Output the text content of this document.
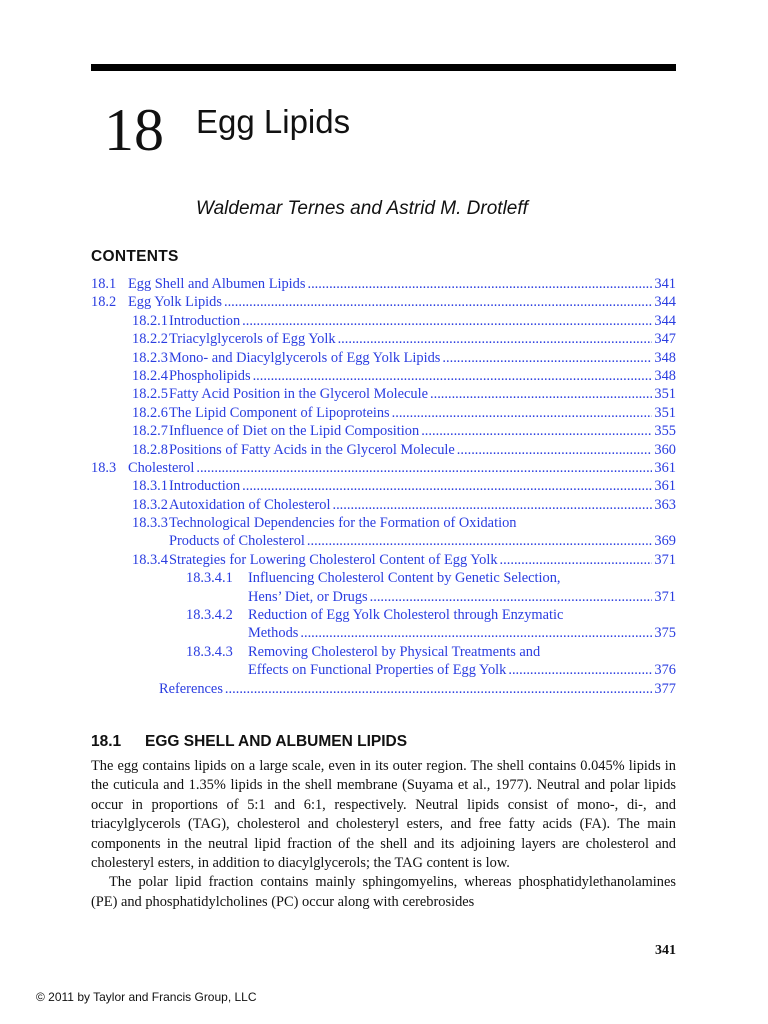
18 Egg Lipids
Waldemar Ternes and Astrid M. Drotleff
CONTENTS
18.1 Egg Shell and Albumen Lipids .....	341
18.2 Egg Yolk Lipids .....	344
18.2.1 Introduction .....	344
18.2.2 Triacylglycerols of Egg Yolk .....	347
18.2.3 Mono- and Diacylglycerols of Egg Yolk Lipids .....	348
18.2.4 Phospholipids .....	348
18.2.5 Fatty Acid Position in the Glycerol Molecule .....	351
18.2.6 The Lipid Component of Lipoproteins .....	351
18.2.7 Influence of Diet on the Lipid Composition .....	355
18.2.8 Positions of Fatty Acids in the Glycerol Molecule .....	360
18.3 Cholesterol .....	361
18.3.1 Introduction .....	361
18.3.2 Autoxidation of Cholesterol .....	363
18.3.3 Technological Dependencies for the Formation of Oxidation
Products of Cholesterol .....	369
18.3.4 Strategies for Lowering Cholesterol Content of Egg Yolk .....	371
18.3.4.1 Influencing Cholesterol Content by Genetic Selection,
Hens’ Diet, or Drugs .....	371
18.3.4.2 Reduction of Egg Yolk Cholesterol through Enzymatic
Methods .....	375
18.3.4.3 Removing Cholesterol by Physical Treatments and
Effects on Functional Properties of Egg Yolk .....	376
References .....	377
18.1 EGG SHELL AND ALBUMEN LIPIDS

The egg contains lipids on a large scale, even in its outer region. The shell contains 0.045% lipids in the cuticula and 1.35% lipids in the shell membrane (Suyama et al., 1977). Neutral and polar lipids occur in proportions of 5:1 and 6:1, respectively. Neutral lipids consist of mono-, di-, and triacylglycerols (TAG), cholesterol and cholesteryl esters, and free fatty acids (FA). The main components in the neutral lipid fraction of the shell and its adjoining layers are cholesterol and cholesteryl esters, in addition to diacylglycerols; the TAG content is low.

The polar lipid fraction contains mainly sphingomyelins, whereas phosphatidylethanolamines (PE) and phosphatidylcholines (PC) occur along with cerebrosides

341
© 2011 by Taylor and Francis Group, LLC
